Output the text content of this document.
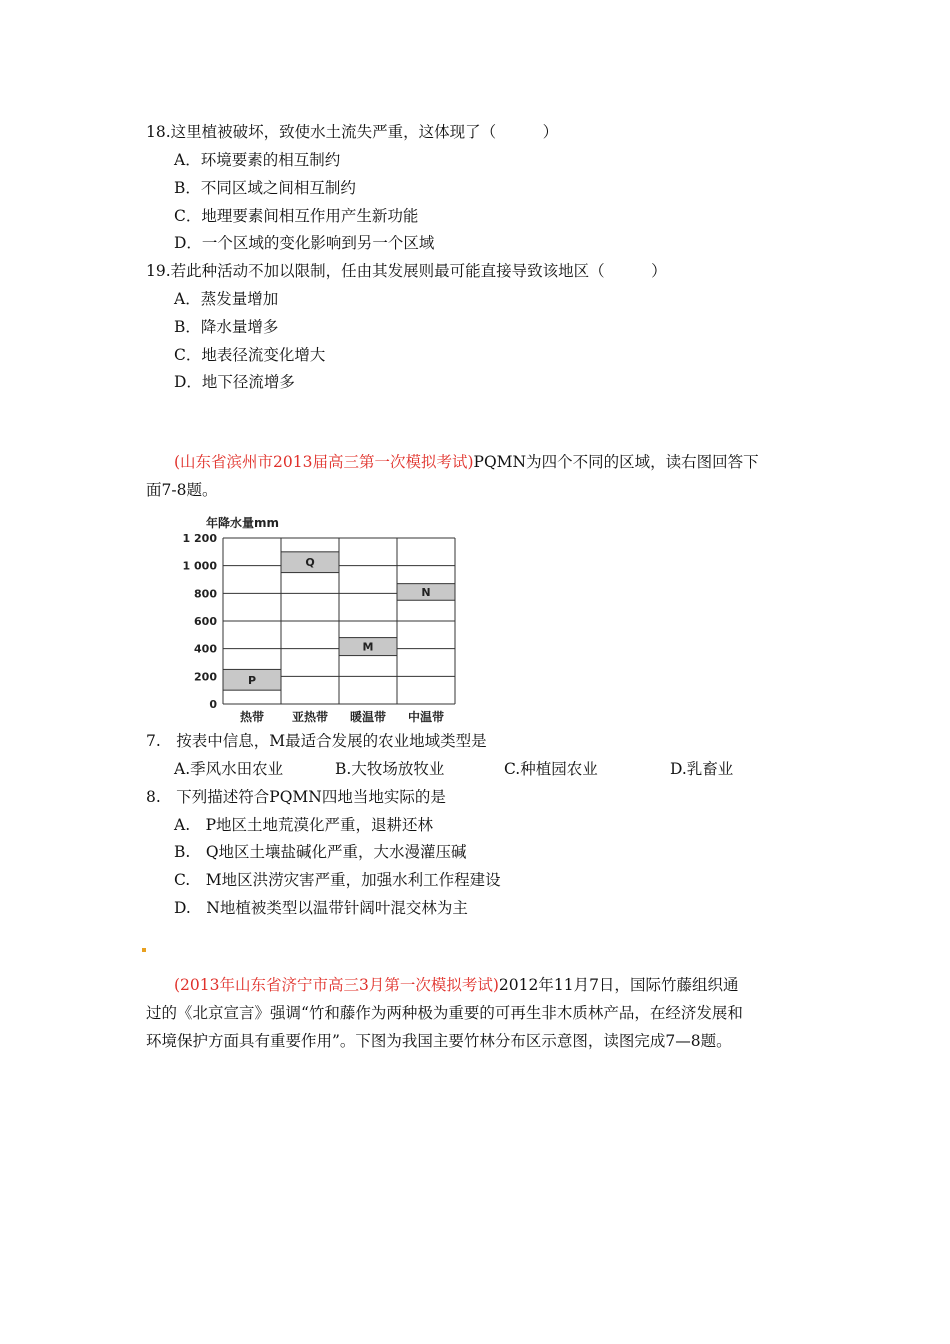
18.这里植被破坏，致使水土流失严重，这体现了（　　　）
A．环境要素的相互制约
B．不同区域之间相互制约
C．地理要素间相互作用产生新功能
D．一个区域的变化影响到另一个区域
19.若此种活动不加以限制，任由其发展则最可能直接导致该地区（　　　）
A．蒸发量增加
B．降水量增多
C．地表径流变化增大
D．地下径流增多
(山东省滨州市2013届高三第一次模拟考试)PQMN为四个不同的区域，读右图回答下
面7-8题。
年降水量mm
1 200
1 000
800
600
400
200
0
热带 亚热带 暖温带 中温带
P
Q
M
N
7.　按表中信息，M最适合发展的农业地域类型是
A.季风水田农业	B.大牧场放牧业	C.种植园农业	D.乳畜业
8.　下列描述符合PQMN四地当地实际的是
A.　P地区土地荒漠化严重，退耕还林
B.　Q地区土壤盐碱化严重，大水漫灌压碱
C.　M地区洪涝灾害严重，加强水利工作程建设
D.　N地植被类型以温带针阔叶混交林为主
(2013年山东省济宁市高三3月第一次模拟考试)2012年11月7日，国际竹藤组织通
过的《北京宣言》强调“竹和藤作为两种极为重要的可再生非木质林产品，在经济发展和
环境保护方面具有重要作用”。下图为我国主要竹林分布区示意图，读图完成7—8题。
